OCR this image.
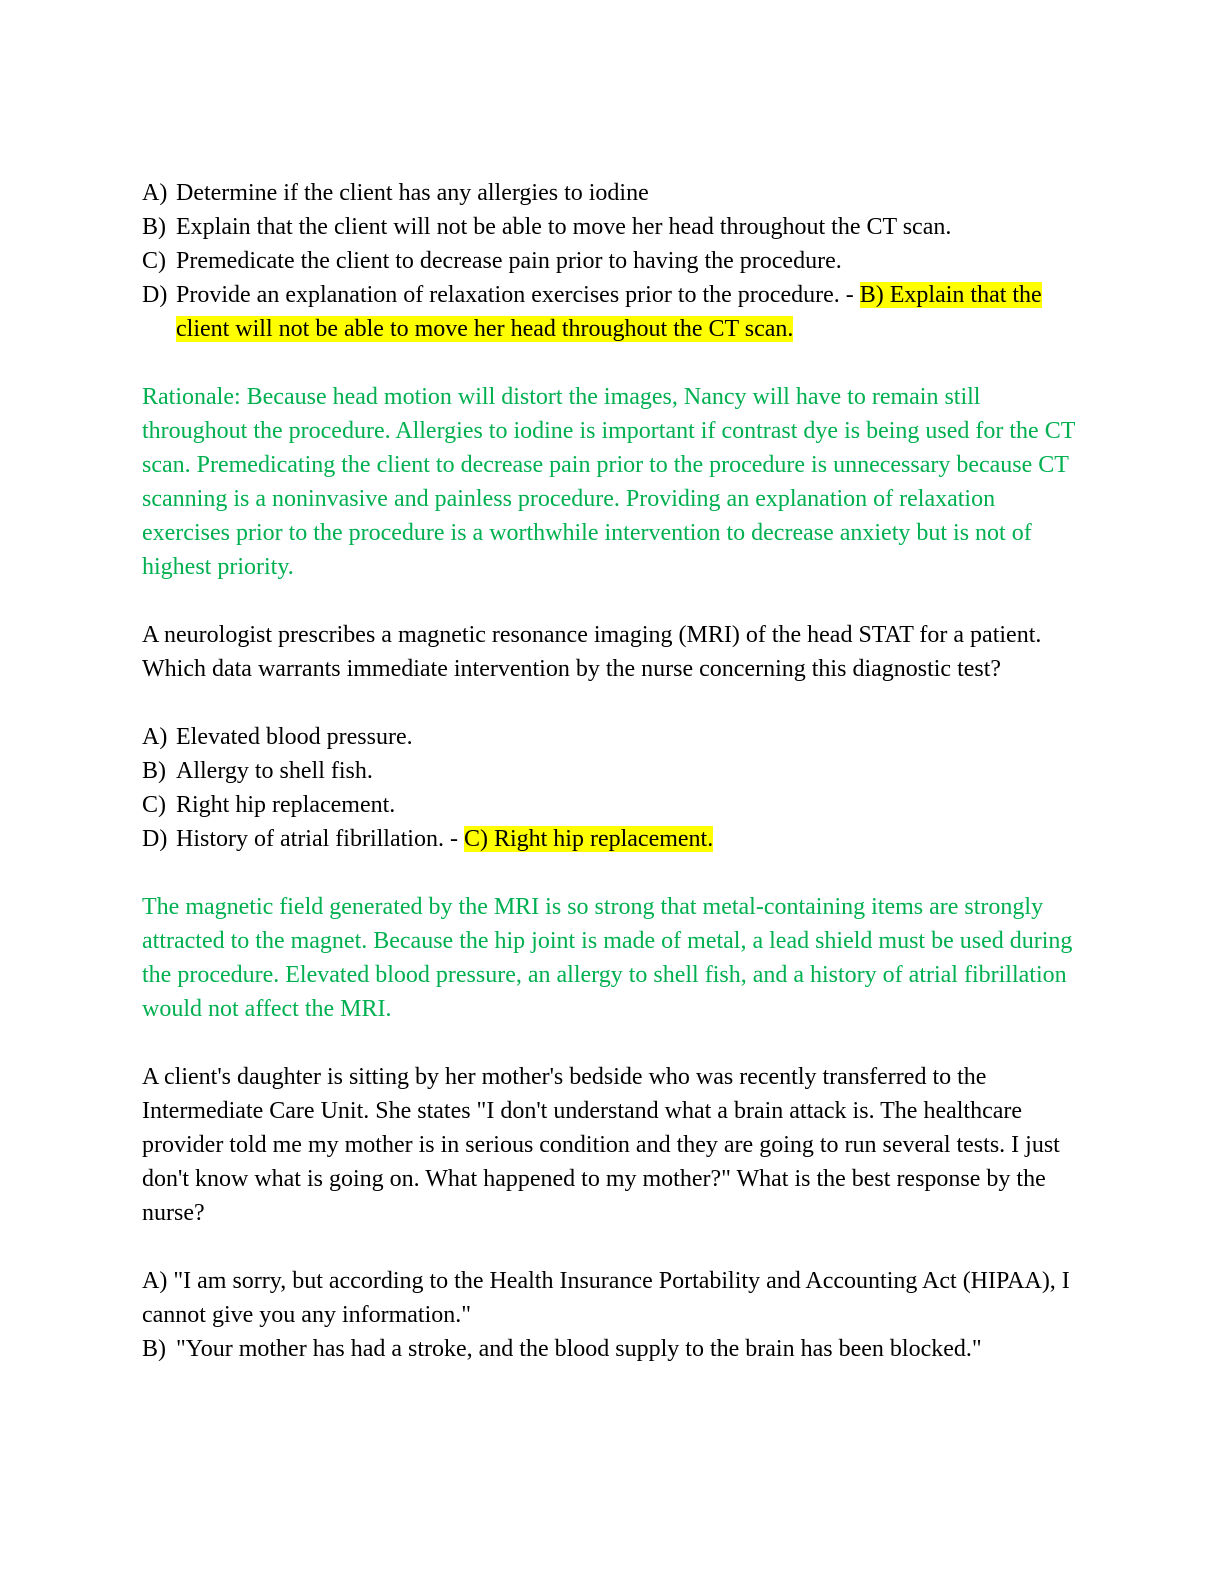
A) Determine if the client has any allergies to iodine
B) Explain that the client will not be able to move her head throughout the CT scan.
C) Premedicate the client to decrease pain prior to having the procedure.
D) Provide an explanation of relaxation exercises prior to the procedure. - B) Explain that the client will not be able to move her head throughout the CT scan.

Rationale: Because head motion will distort the images, Nancy will have to remain still throughout the procedure. Allergies to iodine is important if contrast dye is being used for the CT scan. Premedicating the client to decrease pain prior to the procedure is unnecessary because CT scanning is a noninvasive and painless procedure. Providing an explanation of relaxation exercises prior to the procedure is a worthwhile intervention to decrease anxiety but is not of highest priority.

A neurologist prescribes a magnetic resonance imaging (MRI) of the head STAT for a patient. Which data warrants immediate intervention by the nurse concerning this diagnostic test?

A) Elevated blood pressure.
B) Allergy to shell fish.
C) Right hip replacement.
D) History of atrial fibrillation. - C) Right hip replacement.

The magnetic field generated by the MRI is so strong that metal-containing items are strongly attracted to the magnet. Because the hip joint is made of metal, a lead shield must be used during the procedure. Elevated blood pressure, an allergy to shell fish, and a history of atrial fibrillation would not affect the MRI.

A client's daughter is sitting by her mother's bedside who was recently transferred to the Intermediate Care Unit. She states "I don't understand what a brain attack is. The healthcare provider told me my mother is in serious condition and they are going to run several tests. I just don't know what is going on. What happened to my mother?" What is the best response by the nurse?

A) "I am sorry, but according to the Health Insurance Portability and Accounting Act (HIPAA), I cannot give you any information."

B) "Your mother has had a stroke, and the blood supply to the brain has been blocked."
